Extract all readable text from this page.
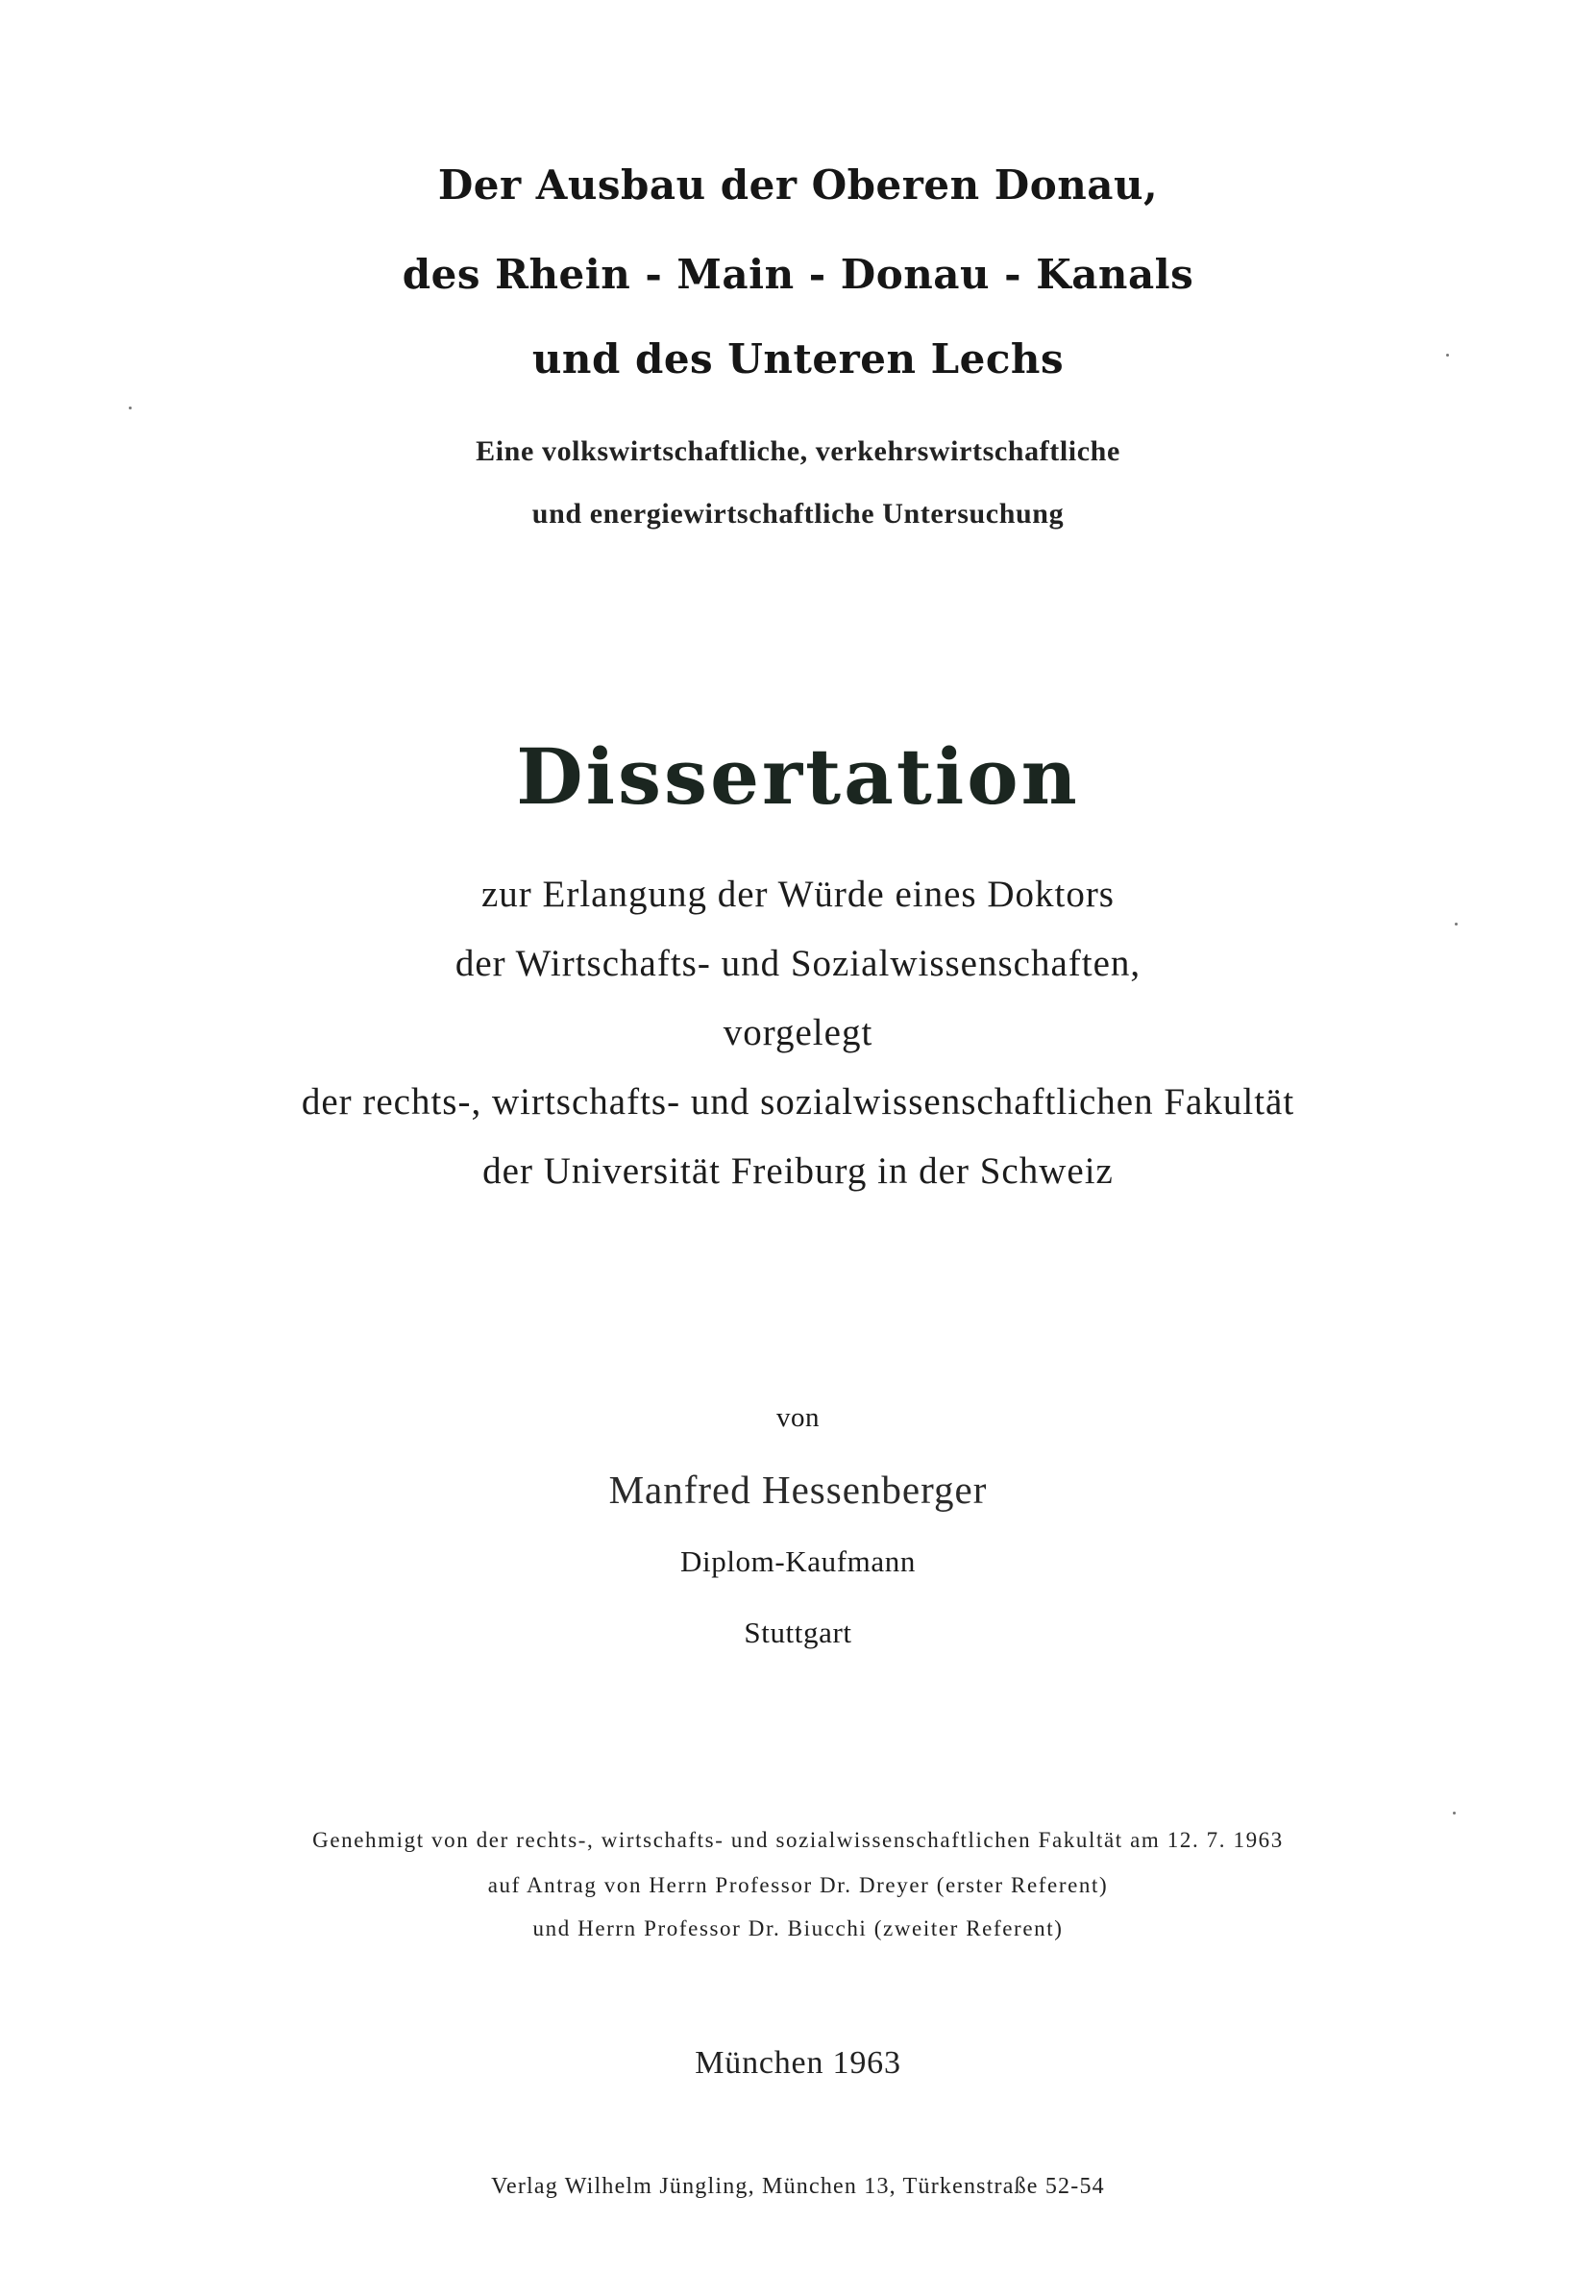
Der Ausbau der Oberen Donau,
des Rhein - Main - Donau - Kanals
und des Unteren Lechs
Eine volkswirtschaftliche, verkehrswirtschaftliche
und energiewirtschaftliche Untersuchung
Dissertation
zur Erlangung der Würde eines Doktors
der Wirtschafts- und Sozialwissenschaften,
vorgelegt
der rechts-, wirtschafts- und sozialwissenschaftlichen Fakultät
der Universität Freiburg in der Schweiz
von
Manfred Hessenberger
Diplom-Kaufmann
Stuttgart
Genehmigt von der rechts-, wirtschafts- und sozialwissenschaftlichen Fakultät am 12. 7. 1963
auf Antrag von Herrn Professor Dr. Dreyer (erster Referent)
und Herrn Professor Dr. Biucchi (zweiter Referent)
München 1963
Verlag Wilhelm Jüngling, München 13, Türkenstraße 52-54
